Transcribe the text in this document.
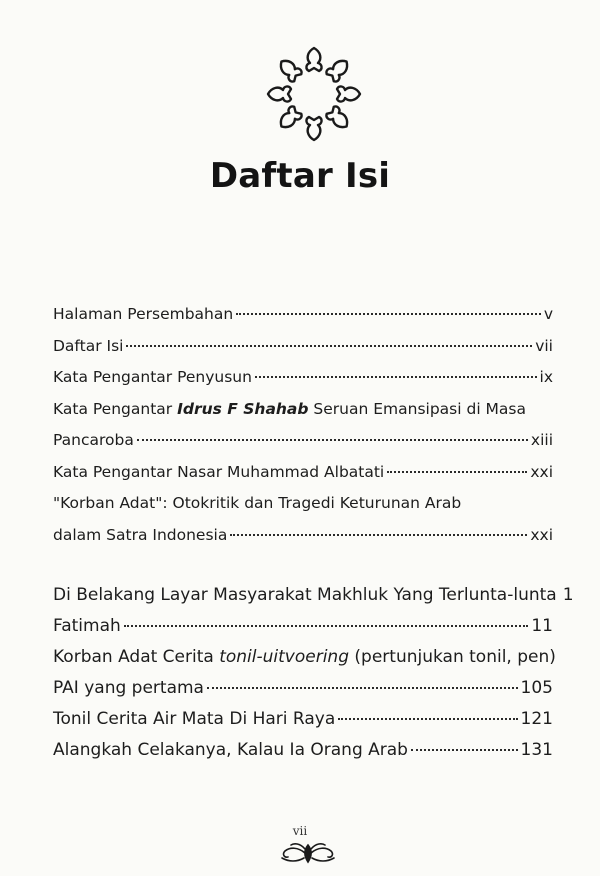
Daftar Isi
Halaman Persembahan	v
Daftar Isi	vii
Kata Pengantar Penyusun	ix
Kata Pengantar Idrus F Shahab Seruan Emansipasi di Masa
Pancaroba	xiii
Kata Pengantar Nasar Muhammad Albatati	xxi
"Korban Adat": Otokritik dan Tragedi Keturunan Arab
dalam Satra Indonesia	xxi
Di Belakang Layar Masyarakat Makhluk Yang Terlunta-lunta 1
Fatimah	11
Korban Adat Cerita tonil-uitvoering (pertunjukan tonil, pen)
PAI yang pertama	105
Tonil Cerita Air Mata Di Hari Raya	121
Alangkah Celakanya, Kalau Ia Orang Arab	131
vii
